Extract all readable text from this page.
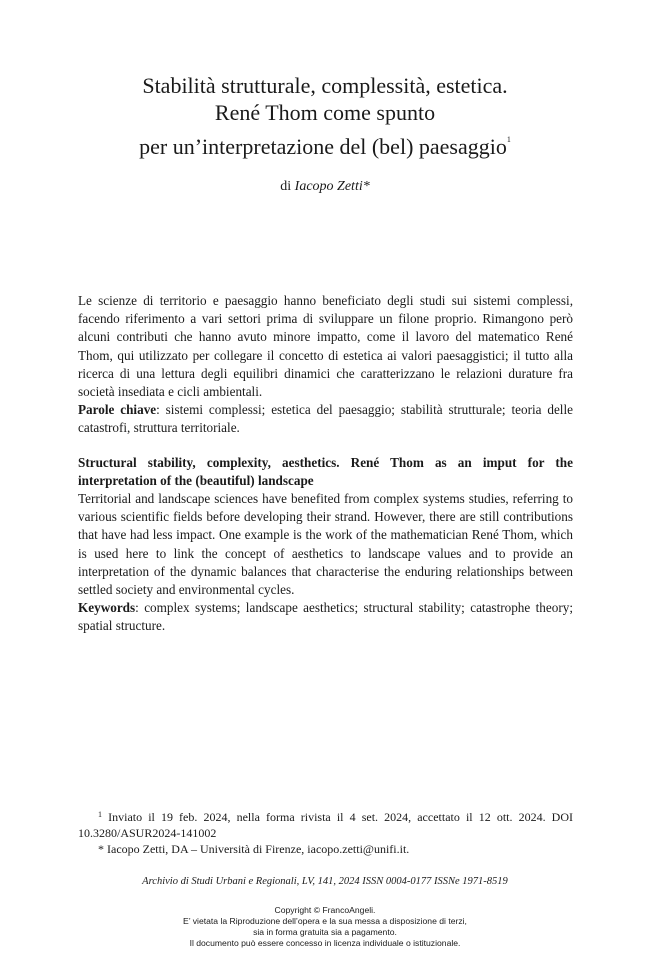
Stabilità strutturale, complessità, estetica.
René Thom come spunto
per un’interpretazione del (bel) paesaggio$^1$
di Iacopo Zetti*

Le scienze di territorio e paesaggio hanno beneficiato degli studi sui sistemi complessi, facendo riferimento a vari settori prima di sviluppare un filone proprio. Rimangono però alcuni contributi che hanno avuto minore impatto, come il lavoro del matematico René Thom, qui utilizzato per collegare il concetto di estetica ai valori paesaggistici; il tutto alla ricerca di una lettura degli equilibri dinamici che caratterizzano le relazioni durature fra società insediata e cicli ambientali.

Parole chiave: sistemi complessi; estetica del paesaggio; stabilità strutturale; teoria delle catastrofi, struttura territoriale.

Structural stability, complexity, aesthetics. René Thom as an imput for the interpretation of the (beautiful) landscape

Territorial and landscape sciences have benefited from complex systems studies, referring to various scientific fields before developing their strand. However, there are still contributions that have had less impact. One example is the work of the mathematician René Thom, which is used here to link the concept of aesthetics to landscape values and to provide an interpretation of the dynamic balances that characterise the enduring relationships between settled society and environmental cycles.

Keywords: complex systems; landscape aesthetics; structural stability; catastrophe theory; spatial structure.

$^1$ Inviato il 19 feb. 2024, nella forma rivista il 4 set. 2024, accettato il 12 ott. 2024. DOI 10.3280/ASUR2024-141002

* Iacopo Zetti, DA – Università di Firenze, iacopo.zetti@unifi.it.

Archivio di Studi Urbani e Regionali, LV, 141, 2024 ISSN 0004-0177 ISSNe 1971-8519
Copyright © FrancoAngeli.
E’ vietata la Riproduzione dell’opera e la sua messa a disposizione di terzi,
sia in forma gratuita sia a pagamento.
Il documento può essere concesso in licenza individuale o istituzionale.
